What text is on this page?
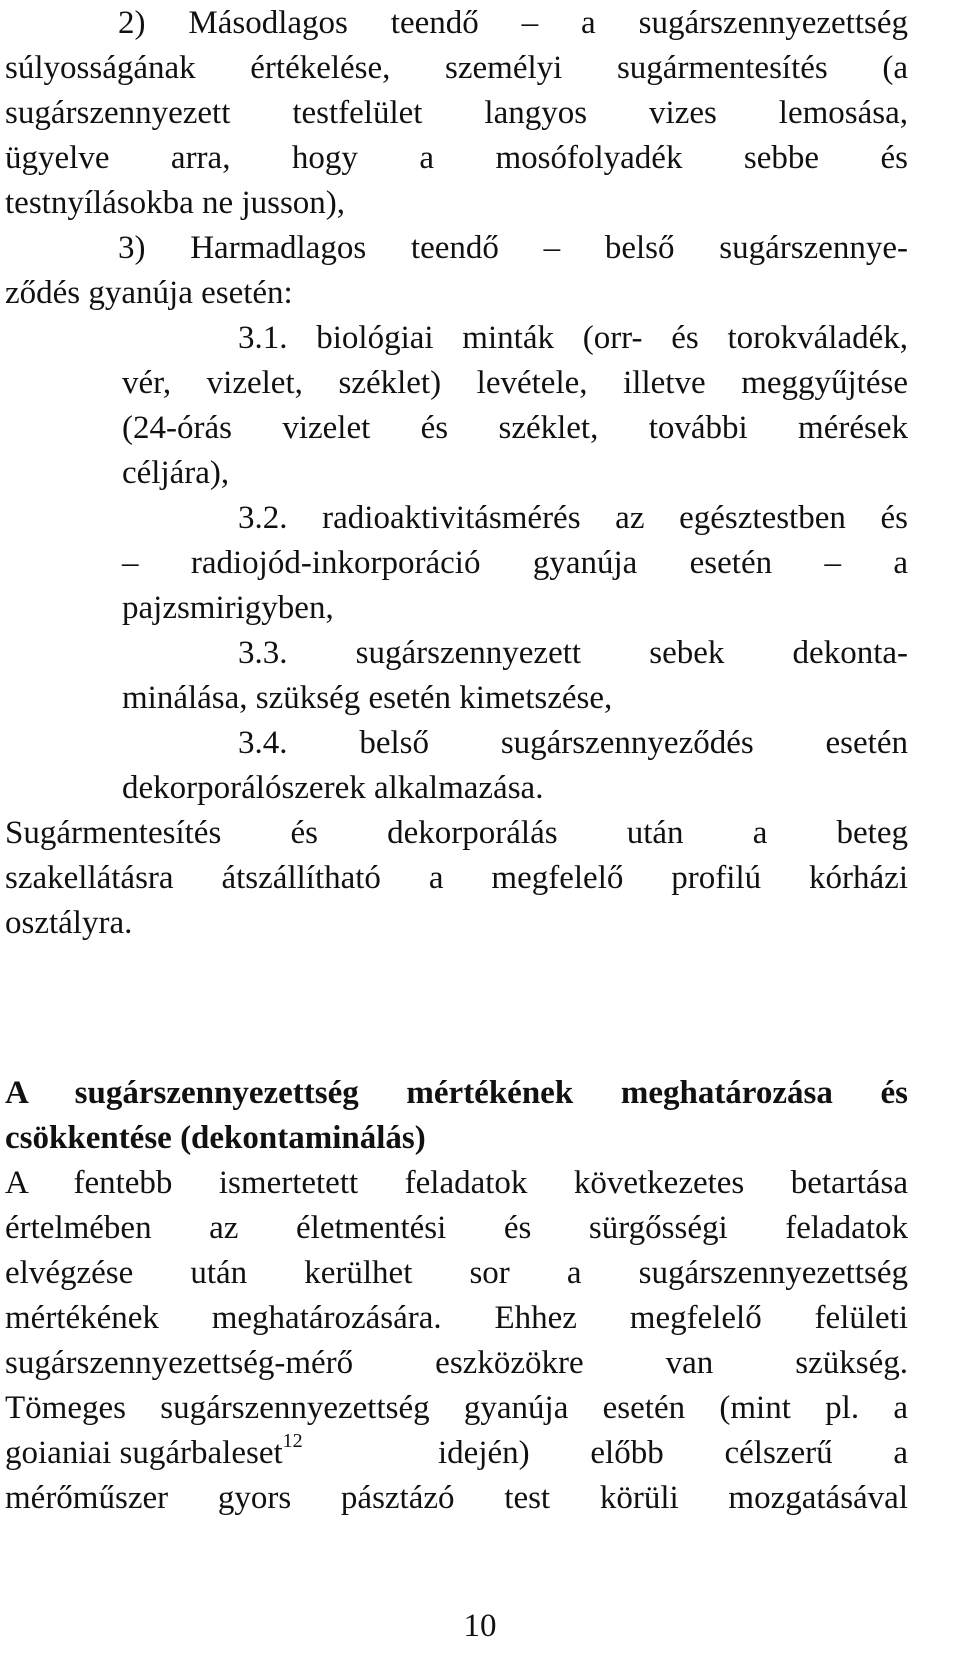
2) Másodlagos teendő – a sugárszennyezettség
súlyosságának értékelése, személyi sugármentesítés (a
sugárszennyezett testfelület langyos vizes lemosása,
ügyelve arra, hogy a mosófolyadék sebbe és
testnyílásokba ne jusson),
3) Harmadlagos teendő – belső sugárszennye-
ződés gyanúja esetén:
3.1. biológiai minták (orr- és torokváladék,
vér, vizelet, széklet) levétele, illetve meggyűjtése
(24-órás vizelet és széklet, további mérések
céljára),
3.2. radioaktivitásmérés az egésztestben és
– radiojód-inkorporáció gyanúja esetén – a
pajzsmirigyben,
3.3. sugárszennyezett sebek dekonta-
minálása, szükség esetén kimetszése,
3.4. belső sugárszennyeződés esetén
dekorporálószerek alkalmazása.
Sugármentesítés és dekorporálás után a beteg
szakellátásra átszállítható a megfelelő profilú kórházi
osztályra.
A sugárszennyezettség mértékének meghatározása és
csökkentése (dekontaminálás)
A fentebb ismertetett feladatok következetes betartása
értelmében az életmentési és sürgősségi feladatok
elvégzése után kerülhet sor a sugárszennyezettség
mértékének meghatározására. Ehhez megfelelő felületi
sugárszennyezettség-mérő eszközökre van szükség.
Tömeges sugárszennyezettség gyanúja esetén (mint pl. a
goianiai sugárbaleset$^{12}$	idején) előbb célszerű a
mérőműszer gyors pásztázó test körüli mozgatásával
10
